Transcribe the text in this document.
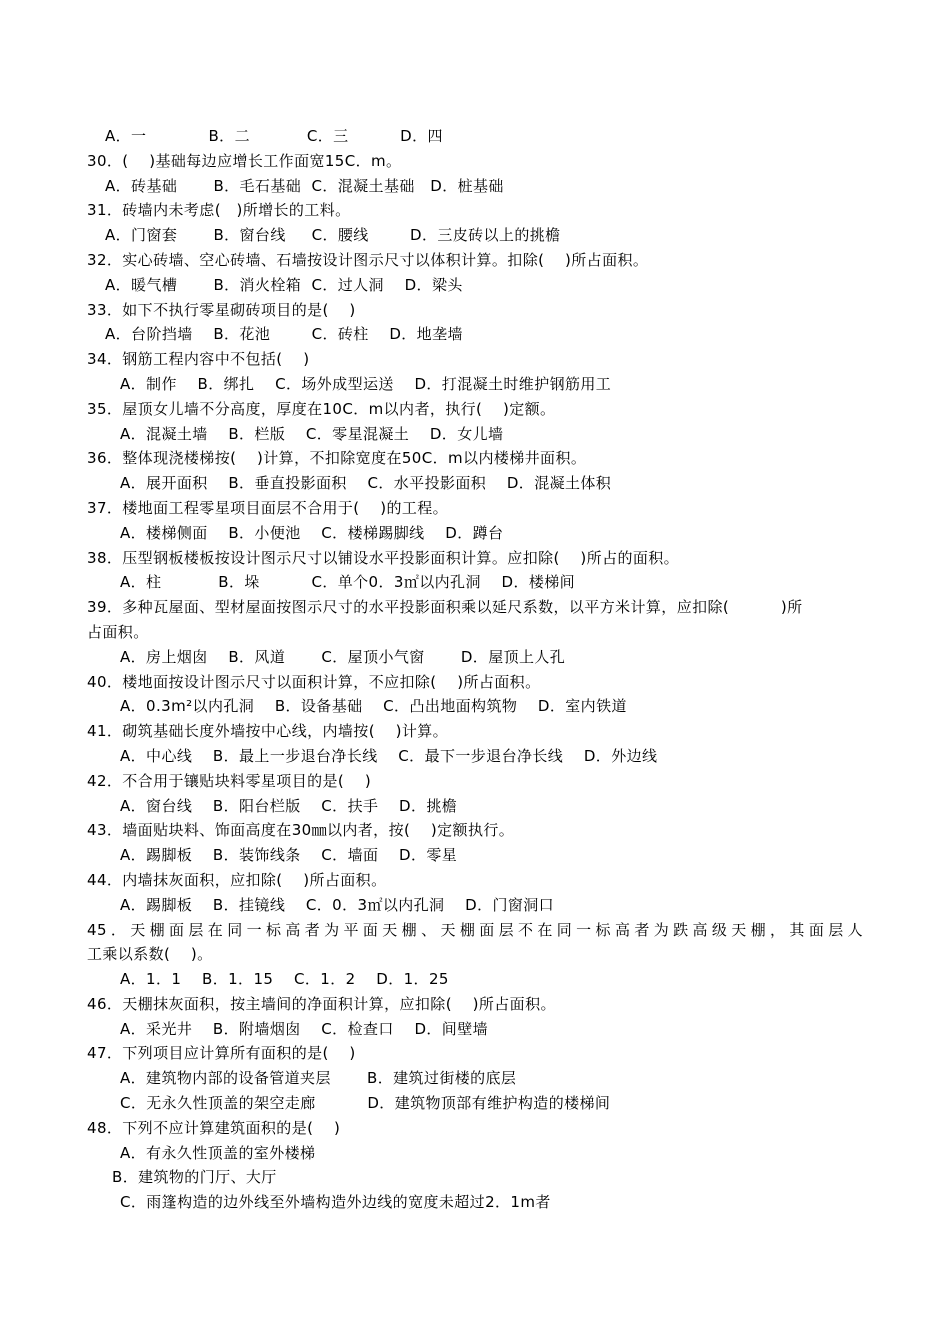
A．一            B．二           C．三          D．四
30．(    )基础每边应增长工作面宽15C．m。
A．砖基础       B．毛石基础  C．混凝土基础   D．桩基础
31．砖墙内未考虑(   )所增长的工料。
A．门窗套       B．窗台线     C．腰线        D．三皮砖以上的挑檐
32．实心砖墙、空心砖墙、石墙按设计图示尺寸以体积计算。扣除(    )所占面积。
A．暖气槽       B．消火栓箱  C．过人洞    D．梁头
33．如下不执行零星砌砖项目的是(    )
A．台阶挡墙    B．花池        C．砖柱    D．地垄墙
34．钢筋工程内容中不包括(    )
A．制作    B．绑扎    C．场外成型运送    D．打混凝土时维护钢筋用工
35．屋顶女儿墙不分高度，厚度在10C．m以内者，执行(    )定额。
A．混凝土墙    B．栏版    C．零星混凝土    D．女儿墙
36．整体现浇楼梯按(    )计算，不扣除宽度在50C．m以内楼梯井面积。
A．展开面积    B．垂直投影面积    C．水平投影面积    D．混凝土体积
37．楼地面工程零星项目面层不合用于(    )的工程。
A．楼梯侧面    B．小便池    C．楼梯踢脚线    D．蹲台
38．压型钢板楼板按设计图示尺寸以铺设水平投影面积计算。应扣除(    )所占的面积。
A．柱           B．垛          C．单个0．3㎡以内孔洞    D．楼梯间
39．多种瓦屋面、型材屋面按图示尺寸的水平投影面积乘以延尺系数，以平方米计算，应扣除(          )所
占面积。
A．房上烟囱    B．风道       C．屋顶小气窗       D．屋顶上人孔
40．楼地面按设计图示尺寸以面积计算，不应扣除(    )所占面积。
A．0.3m²以内孔洞    B．设备基础    C．凸出地面构筑物    D．室内铁道
41．砌筑基础长度外墙按中心线，内墙按(    )计算。
A．中心线    B．最上一步退台净长线    C．最下一步退台净长线    D．外边线
42．不合用于镶贴块料零星项目的是(    )
A．窗台线    B．阳台栏版    C．扶手    D．挑檐
43．墙面贴块料、饰面高度在30㎜以内者，按(    )定额执行。
A．踢脚板    B．装饰线条    C．墙面    D．零星
44．内墙抹灰面积，应扣除(    )所占面积。
A．踢脚板    B．挂镜线    C．0．3㎡以内孔洞    D．门窗洞口
45．天棚面层在同一标高者为平面天棚、天棚面层不在同一标高者为跌高级天棚，其面层人
工乘以系数(    )。
A．1．1    B．1．15    C．1．2    D．1．25
46．天棚抹灰面积，按主墙间的净面积计算，应扣除(    )所占面积。
A．采光井    B．附墙烟囱    C．检查口    D．间壁墙
47．下列项目应计算所有面积的是(    )
A．建筑物内部的设备管道夹层       B．建筑过街楼的底层
C．无永久性顶盖的架空走廊          D．建筑物顶部有维护构造的楼梯间
48．下列不应计算建筑面积的是(    )
A．有永久性顶盖的室外楼梯
B．建筑物的门厅、大厅
C．雨篷构造的边外线至外墙构造外边线的宽度未超过2．1m者
